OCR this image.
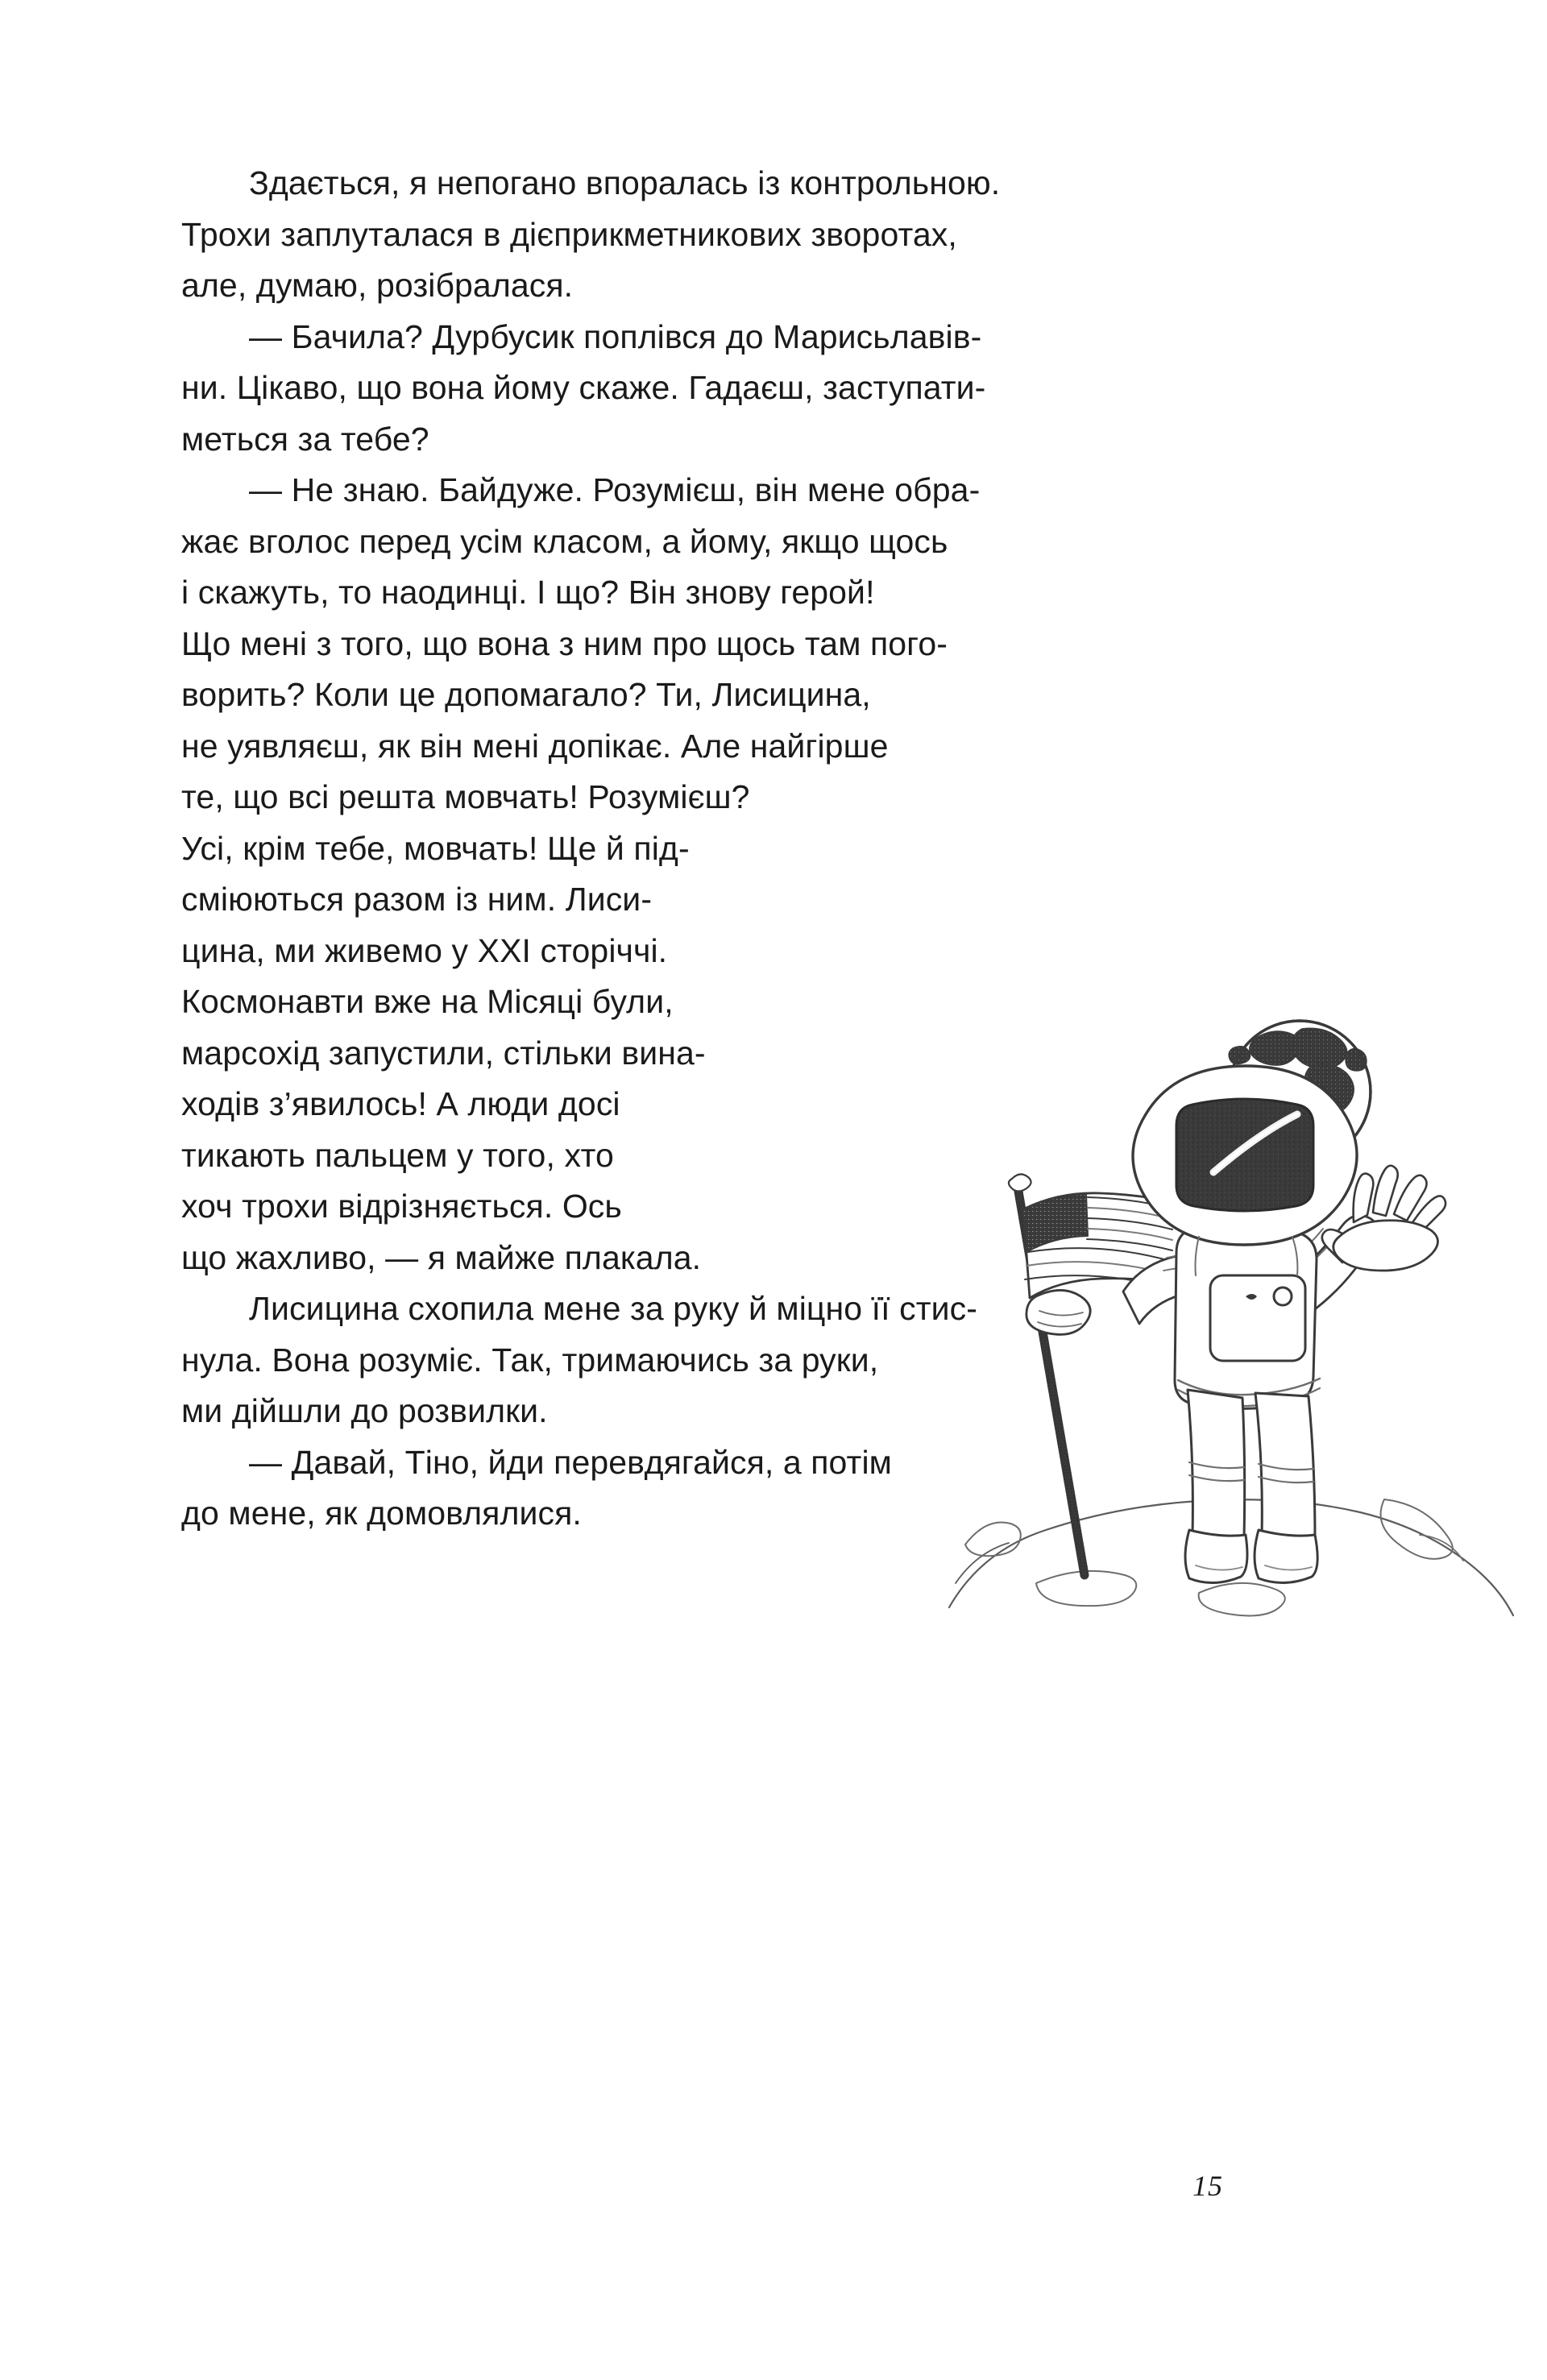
Здається, я непогано впоралась із контрольною.
Трохи заплуталася в дієприкметникових зворотах,
але, думаю, розібралася.

— Бачила? Дурбусик поплівся до Марисьлавів-
ни. Цікаво, що вона йому скаже. Гадаєш, заступати-
меться за тебе?

— Не знаю. Байдуже. Розумієш, він мене обра-
жає вголос перед усім класом, а йому, якщо щось
і скажуть, то наодинці. І що? Він знову герой!
Що мені з того, що вона з ним про щось там пого-
ворить? Коли це допомагало? Ти, Лисицина,
не уявляєш, як він мені допікає. Але найгірше
те, що всі решта мовчать! Розумієш?
Усі, крім тебе, мовчать! Ще й під-
сміюються разом із ним. Лиси-
цина, ми живемо у XXI сторіччі.
Космонавти вже на Місяці були,
марсохід запустили, стільки вина-
ходів з’явилось! А люди досі
тикають пальцем у того, хто
хоч трохи відрізняється. Ось
що жахливо, — я майже плакала.

Лисицина схопила мене за руку й міцно її стис-
нула. Вона розуміє. Так, тримаючись за руки,
ми дійшли до розвилки.

— Давай, Тіно, йди перевдягайся, а потім
до мене, як домовлялися.

15
